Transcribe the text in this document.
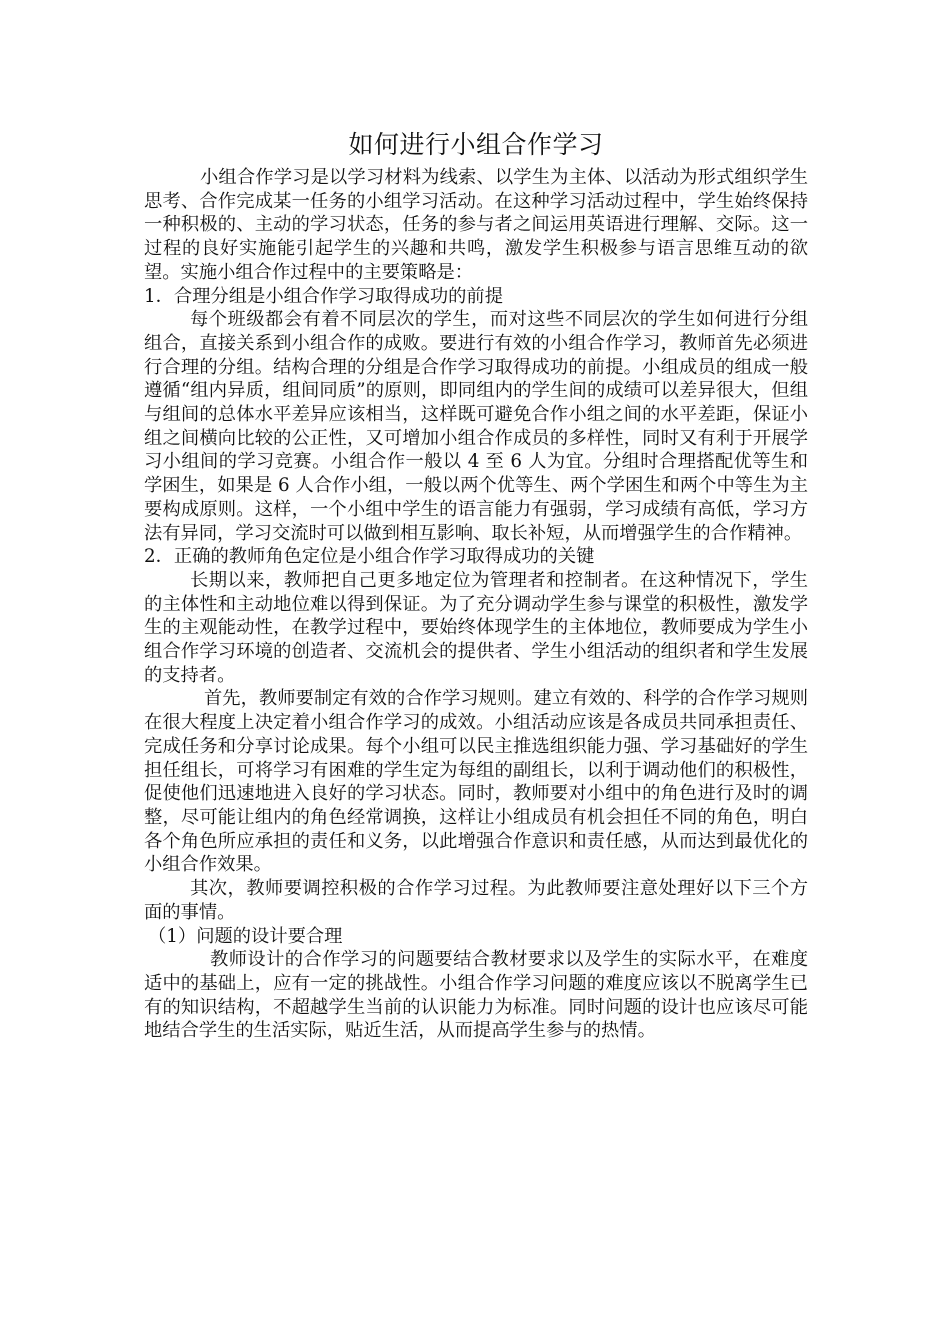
如何进行小组合作学习

小组合作学习是以学习材料为线索、以学生为主体、以活动为形式组织学生思考、合作完成某一任务的小组学习活动。在这种学习活动过程中，学生始终保持一种积极的、主动的学习状态，任务的参与者之间运用英语进行理解、交际。这一过程的良好实施能引起学生的兴趣和共鸣，激发学生积极参与语言思维互动的欲望。实施小组合作过程中的主要策略是：

1．合理分组是小组合作学习取得成功的前提

每个班级都会有着不同层次的学生，而对这些不同层次的学生如何进行分组组合，直接关系到小组合作的成败。要进行有效的小组合作学习，教师首先必须进行合理的分组。结构合理的分组是合作学习取得成功的前提。小组成员的组成一般遵循“组内异质，组间同质”的原则，即同组内的学生间的成绩可以差异很大，但组与组间的总体水平差异应该相当，这样既可避免合作小组之间的水平差距，保证小组之间横向比较的公正性，又可增加小组合作成员的多样性，同时又有利于开展学习小组间的学习竞赛。小组合作一般以 4 至 6 人为宜。分组时合理搭配优等生和学困生，如果是 6 人合作小组，一般以两个优等生、两个学困生和两个中等生为主要构成原则。这样，一个小组中学生的语言能力有强弱，学习成绩有高低，学习方法有异同，学习交流时可以做到相互影响、取长补短，从而增强学生的合作精神。

2．正确的教师角色定位是小组合作学习取得成功的关键

长期以来，教师把自己更多地定位为管理者和控制者。在这种情况下，学生的主体性和主动地位难以得到保证。为了充分调动学生参与课堂的积极性，激发学生的主观能动性，在教学过程中，要始终体现学生的主体地位，教师要成为学生小组合作学习环境的创造者、交流机会的提供者、学生小组活动的组织者和学生发展的支持者。

首先，教师要制定有效的合作学习规则。建立有效的、科学的合作学习规则在很大程度上决定着小组合作学习的成效。小组活动应该是各成员共同承担责任、完成任务和分享讨论成果。每个小组可以民主推选组织能力强、学习基础好的学生担任组长，可将学习有困难的学生定为每组的副组长，以利于调动他们的积极性，促使他们迅速地进入良好的学习状态。同时，教师要对小组中的角色进行及时的调整，尽可能让组内的角色经常调换，这样让小组成员有机会担任不同的角色，明白各个角色所应承担的责任和义务，以此增强合作意识和责任感，从而达到最优化的小组合作效果。

其次，教师要调控积极的合作学习过程。为此教师要注意处理好以下三个方面的事情。

（1）问题的设计要合理

教师设计的合作学习的问题要结合教材要求以及学生的实际水平，在难度适中的基础上，应有一定的挑战性。小组合作学习问题的难度应该以不脱离学生已有的知识结构，不超越学生当前的认识能力为标准。同时问题的设计也应该尽可能地结合学生的生活实际，贴近生活，从而提高学生参与的热情。
